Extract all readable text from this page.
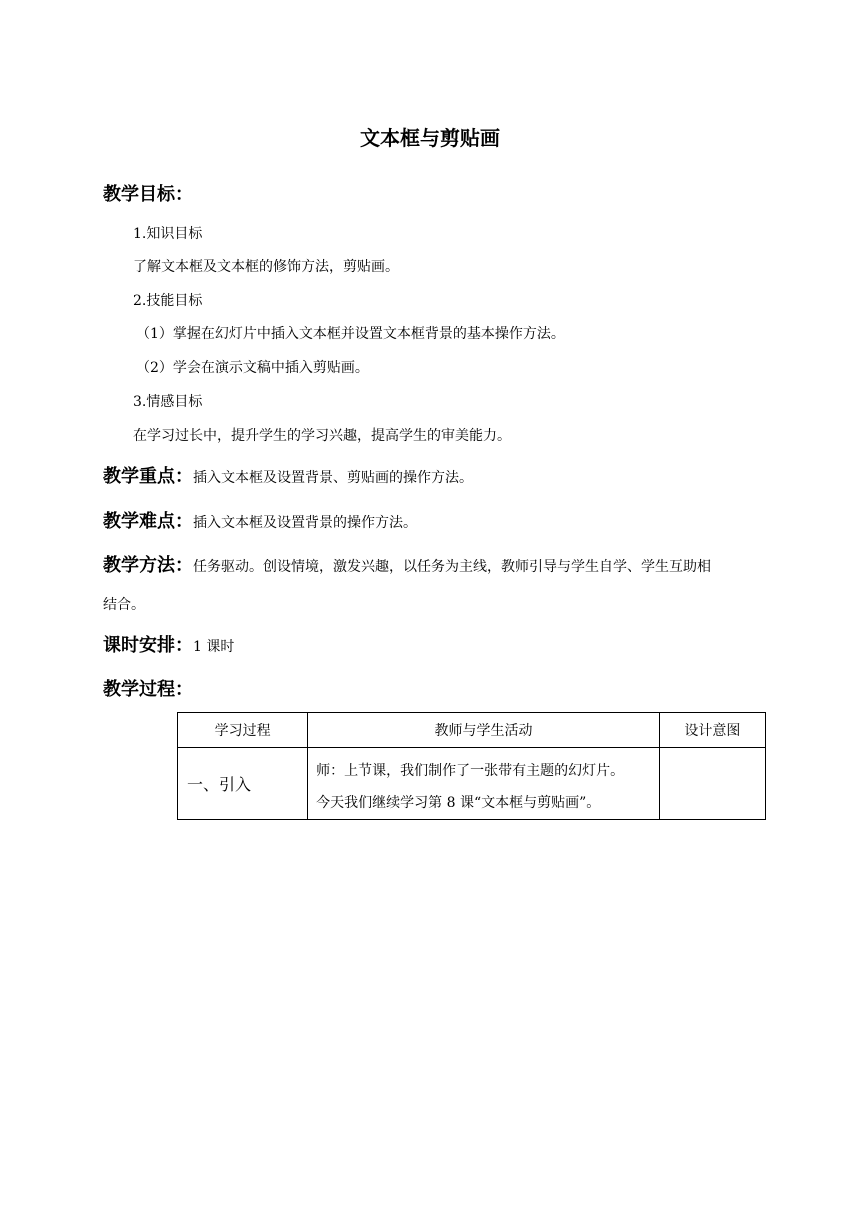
文本框与剪贴画
教学目标：
1.知识目标
了解文本框及文本框的修饰方法，剪贴画。
2.技能目标
（1）掌握在幻灯片中插入文本框并设置文本框背景的基本操作方法。
（2）学会在演示文稿中插入剪贴画。
3.情感目标
在学习过长中，提升学生的学习兴趣，提高学生的审美能力。
教学重点：插入文本框及设置背景、剪贴画的操作方法。
教学难点：插入文本框及设置背景的操作方法。
教学方法：任务驱动。创设情境，激发兴趣，以任务为主线，教师引导与学生自学、学生互助相
结合。
课时安排：1 课时
教学过程：
学习过程	教师与学生活动	设计意图
一、引入	师：上节课，我们制作了一张带有主题的幻灯片。
今天我们继续学习第 8 课“文本框与剪贴画”。	
